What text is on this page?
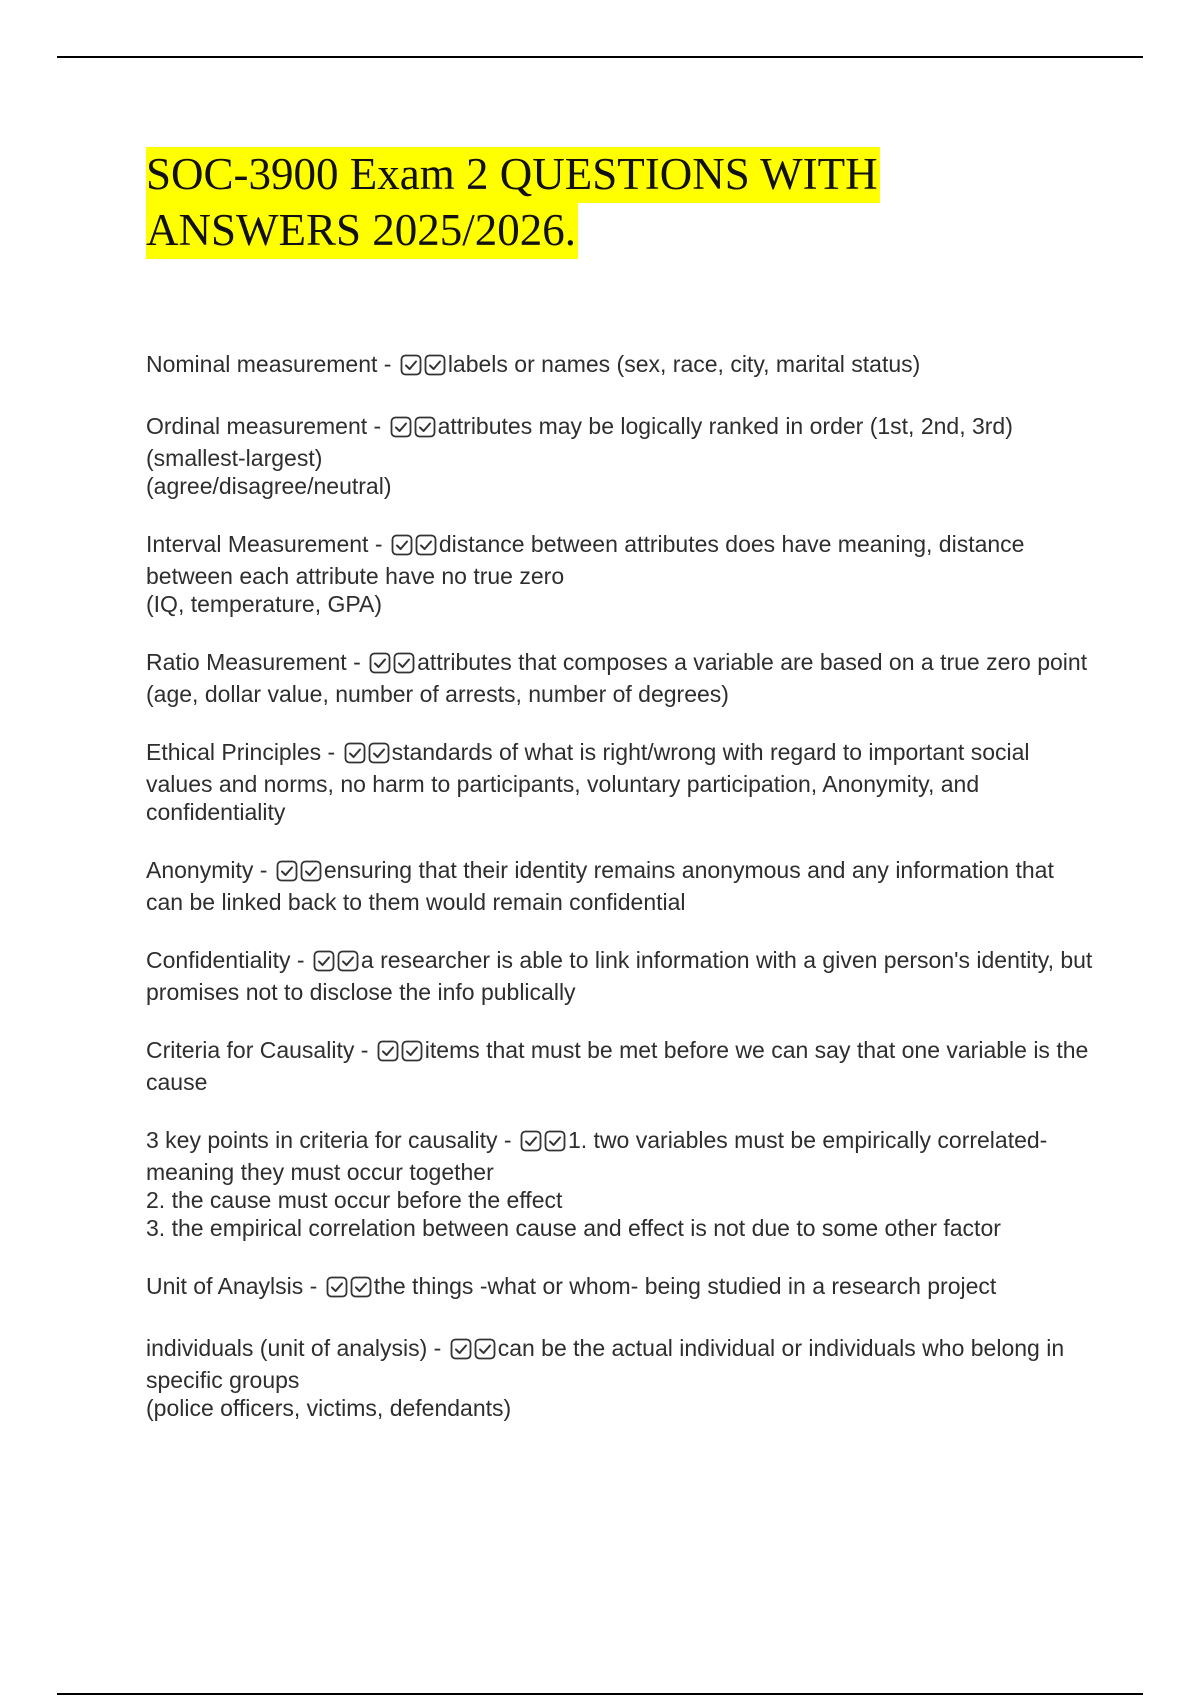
SOC-3900 Exam 2 QUESTIONS WITH ANSWERS 2025/2026.
Nominal measurement - labels or names (sex, race, city, marital status)
Ordinal measurement - attributes may be logically ranked in order (1st, 2nd, 3rd)
(smallest-largest)
(agree/disagree/neutral)
Interval Measurement - distance between attributes does have meaning, distance between each attribute have no true zero
(IQ, temperature, GPA)
Ratio Measurement - attributes that composes a variable are based on a true zero point
(age, dollar value, number of arrests, number of degrees)
Ethical Principles - standards of what is right/wrong with regard to important social values and norms, no harm to participants, voluntary participation, Anonymity, and confidentiality
Anonymity - ensuring that their identity remains anonymous and any information that can be linked back to them would remain confidential
Confidentiality - a researcher is able to link information with a given person's identity, but promises not to disclose the info publically
Criteria for Causality - items that must be met before we can say that one variable is the cause
3 key points in criteria for causality - 1. two variables must be empirically correlated- meaning they must occur together
2. the cause must occur before the effect
3. the empirical correlation between cause and effect is not due to some other factor
Unit of Anaylsis - the things -what or whom- being studied in a research project
individuals (unit of analysis) - can be the actual individual or individuals who belong in specific groups
(police officers, victims, defendants)
